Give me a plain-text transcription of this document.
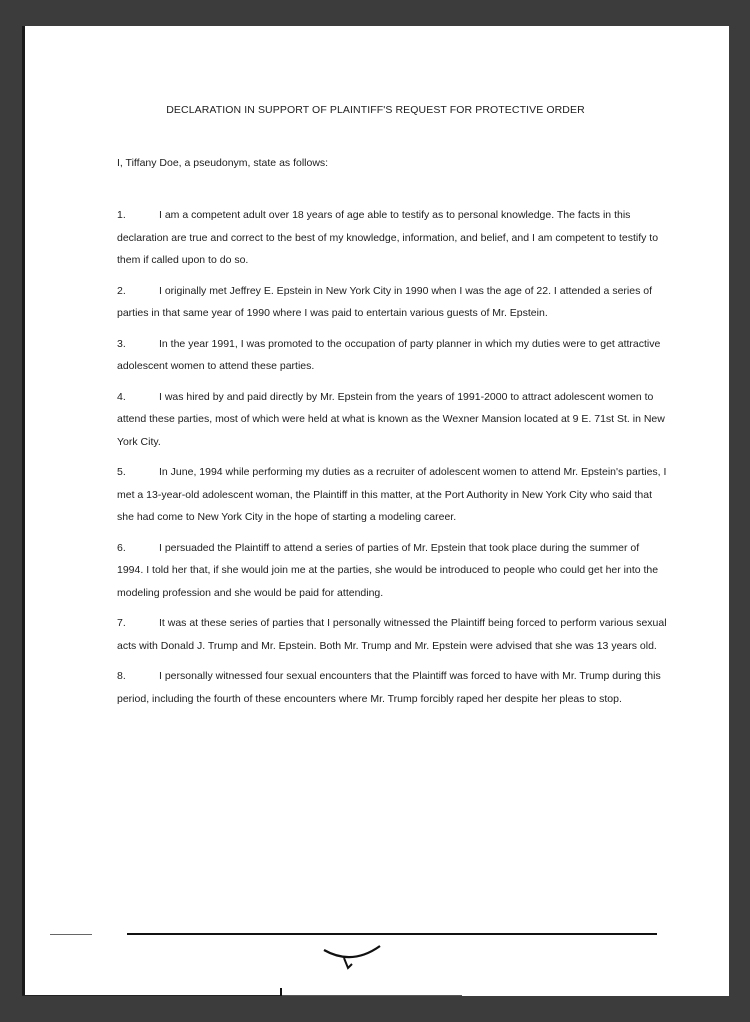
DECLARATION IN SUPPORT OF PLAINTIFF'S REQUEST FOR PROTECTIVE ORDER
I, Tiffany Doe, a pseudonym, state as follows:

1.	I am a competent adult over 18 years of age able to testify as to personal knowledge. The facts in this declaration are true and correct to the best of my knowledge, information, and belief, and I am competent to testify to them if called upon to do so.

2.	I originally met Jeffrey E. Epstein in New York City in 1990 when I was the age of 22. I attended a series of parties in that same year of 1990 where I was paid to entertain various guests of Mr. Epstein.

3.	In the year 1991, I was promoted to the occupation of party planner in which my duties were to get attractive adolescent women to attend these parties.

4.	I was hired by and paid directly by Mr. Epstein from the years of 1991-2000 to attract adolescent women to attend these parties, most of which were held at what is known as the Wexner Mansion located at 9 E. 71st St. in New York City.

5.	In June, 1994 while performing my duties as a recruiter of adolescent women to attend Mr. Epstein's parties, I met a 13-year-old adolescent woman, the Plaintiff in this matter, at the Port Authority in New York City who said that she had come to New York City in the hope of starting a modeling career.

6.	I persuaded the Plaintiff to attend a series of parties of Mr. Epstein that took place during the summer of 1994. I told her that, if she would join me at the parties, she would be introduced to people who could get her into the modeling profession and she would be paid for attending.

7.	It was at these series of parties that I personally witnessed the Plaintiff being forced to perform various sexual acts with Donald J. Trump and Mr. Epstein. Both Mr. Trump and Mr. Epstein were advised that she was 13 years old.

8.	I personally witnessed four sexual encounters that the Plaintiff was forced to have with Mr. Trump during this period, including the fourth of these encounters where Mr. Trump forcibly raped her despite her pleas to stop.
